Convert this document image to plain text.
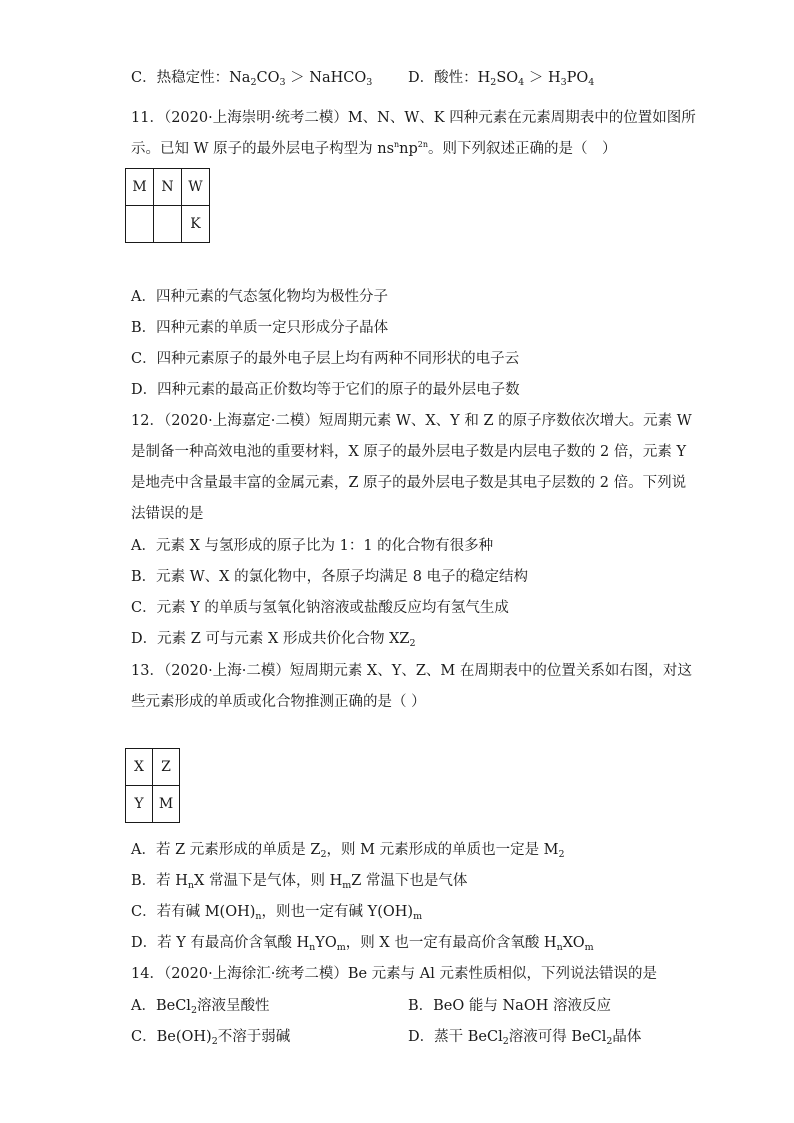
C．热稳定性：$Na_2CO_3$ ＞ NaHCO$_3$ D．酸性：$H_2SO_4 > H_3PO_4$
11．（2020·上海崇明·统考二模）M、N、W、K 四种元素在元素周期表中的位置如图所
示。已知 W 原子的最外层电子构型为 $ns^nnp^{2n}$。则下列叙述正确的是（　）
M	N	W
		K
A．四种元素的气态氢化物均为极性分子
B．四种元素的单质一定只形成分子晶体
C．四种元素原子的最外电子层上均有两种不同形状的电子云
D．四种元素的最高正价数均等于它们的原子的最外层电子数
12．（2020·上海嘉定·二模）短周期元素 W、X、Y 和 Z 的原子序数依次增大。元素 W
是制备一种高效电池的重要材料，X 原子的最外层电子数是内层电子数的 2 倍，元素 Y
是地壳中含量最丰富的金属元素，Z 原子的最外层电子数是其电子层数的 2 倍。下列说
法错误的是
A．元素 X 与氢形成的原子比为 1：1 的化合物有很多种
B．元素 W、X 的氯化物中，各原子均满足 8 电子的稳定结构
C．元素 Y 的单质与氢氧化钠溶液或盐酸反应均有氢气生成
D．元素 Z 可与元素 X 形成共价化合物 $XZ_2$
13．（2020·上海·二模）短周期元素 X、Y、Z、M 在周期表中的位置关系如右图，对这
些元素形成的单质或化合物推测正确的是（ ）
X	Z
Y	M
A．若 Z 元素形成的单质是 $Z_2$，则 M 元素形成的单质也一定是 $M_2$
B．若 $H_nX$ 常温下是气体，则 $H_mZ$ 常温下也是气体
C．若有碱 $M(OH)_n$，则也一定有碱 $Y(OH)_m$
D．若 Y 有最高价含氧酸 $H_nYO_m$，则 X 也一定有最高价含氧酸 $H_nXO_m$
14．（2020·上海徐汇·统考二模）Be 元素与 Al 元素性质相似，下列说法错误的是
A．BeCl$_2$溶液呈酸性	B．BeO 能与 NaOH 溶液反应
C．$Be(OH)_2$不溶于弱碱	D．蒸干 BeCl$_2$溶液可得 BeCl$_2$晶体
